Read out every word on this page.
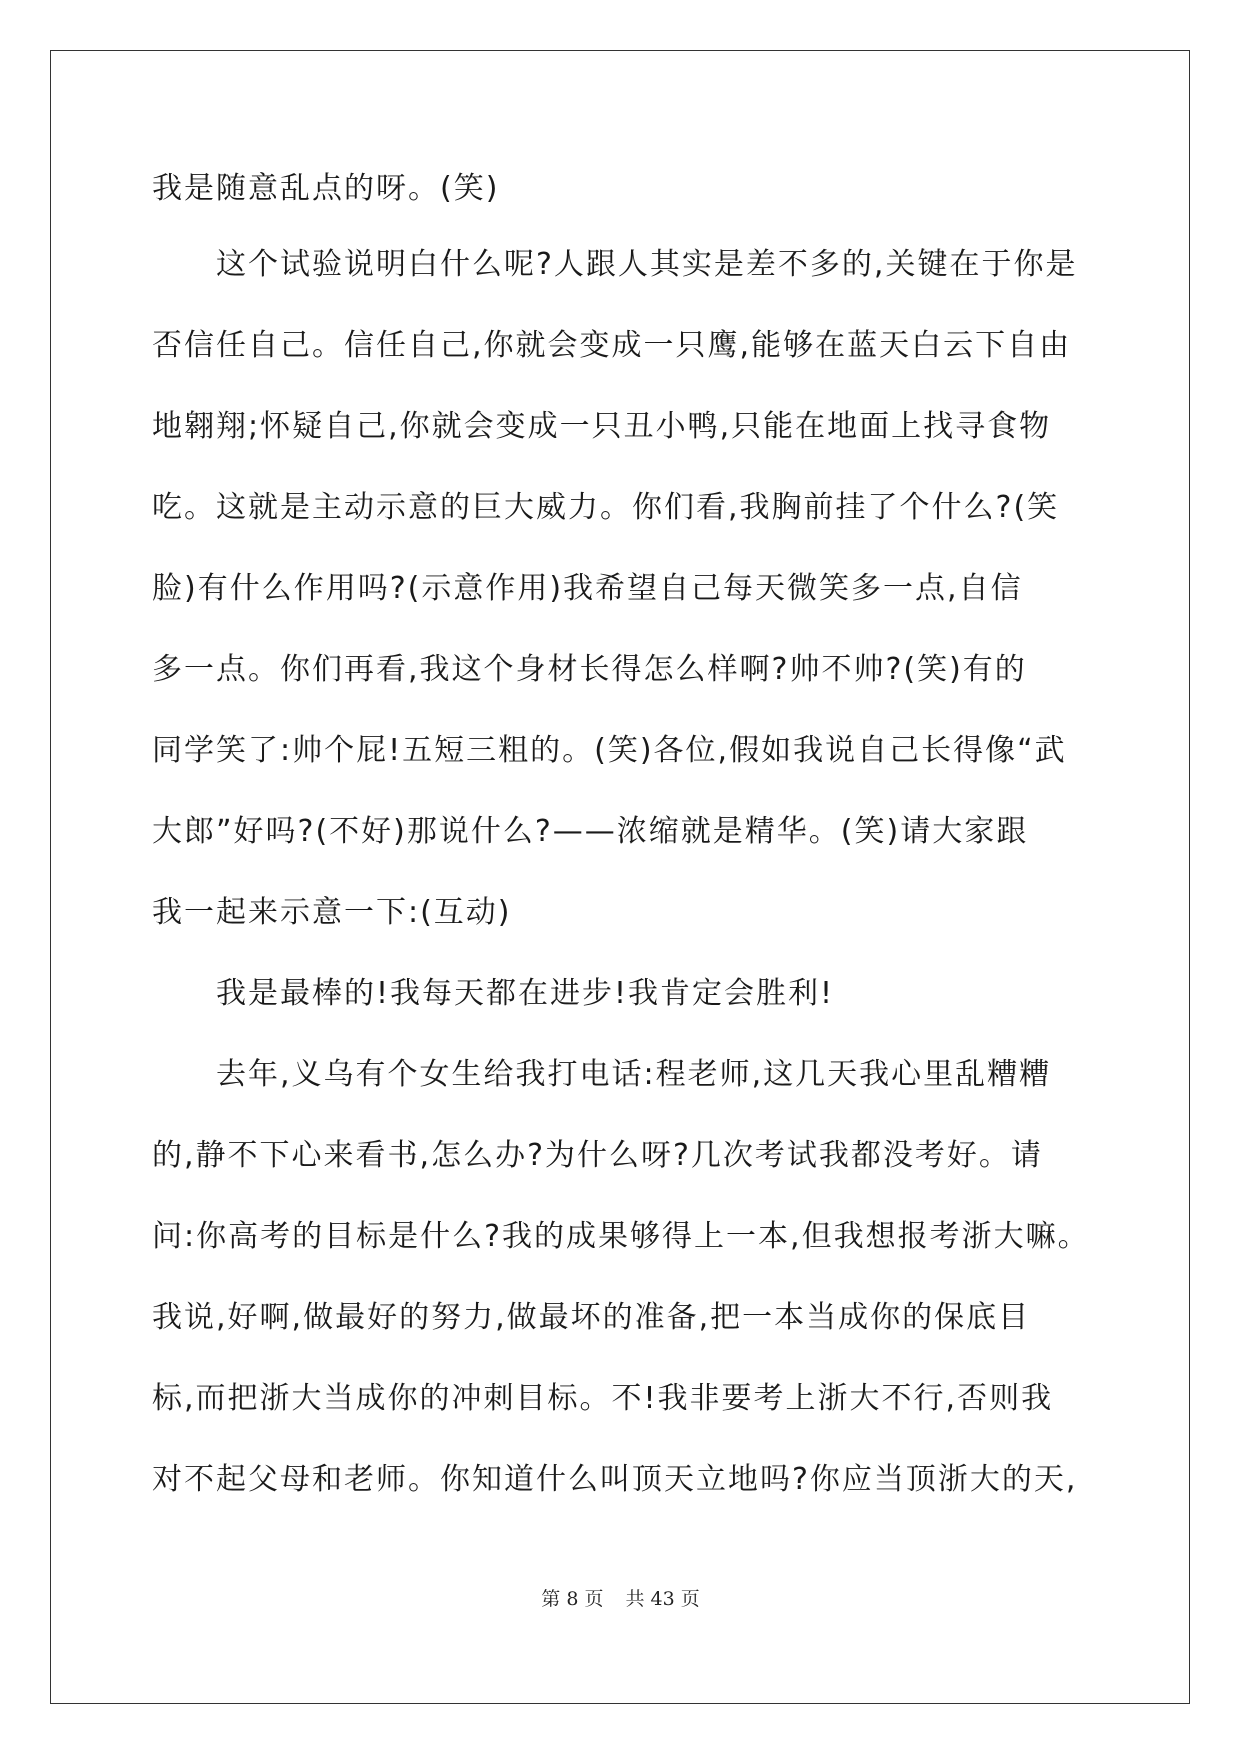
我是随意乱点的呀。(笑)
这个试验说明白什么呢?人跟人其实是差不多的,关键在于你是
否信任自己。信任自己,你就会变成一只鹰,能够在蓝天白云下自由
地翱翔;怀疑自己,你就会变成一只丑小鸭,只能在地面上找寻食物
吃。这就是主动示意的巨大威力。你们看,我胸前挂了个什么?(笑
脸)有什么作用吗?(示意作用)我希望自己每天微笑多一点,自信
多一点。你们再看,我这个身材长得怎么样啊?帅不帅?(笑)有的
同学笑了:帅个屁!五短三粗的。(笑)各位,假如我说自己长得像“武
大郎”好吗?(不好)那说什么?——浓缩就是精华。(笑)请大家跟
我一起来示意一下:(互动)
我是最棒的!我每天都在进步!我肯定会胜利!
去年,义乌有个女生给我打电话:程老师,这几天我心里乱糟糟
的,静不下心来看书,怎么办?为什么呀?几次考试我都没考好。请
问:你高考的目标是什么?我的成果够得上一本,但我想报考浙大嘛。
我说,好啊,做最好的努力,做最坏的准备,把一本当成你的保底目
标,而把浙大当成你的冲刺目标。不!我非要考上浙大不行,否则我
对不起父母和老师。你知道什么叫顶天立地吗?你应当顶浙大的天,
第 8 页 共 43 页
